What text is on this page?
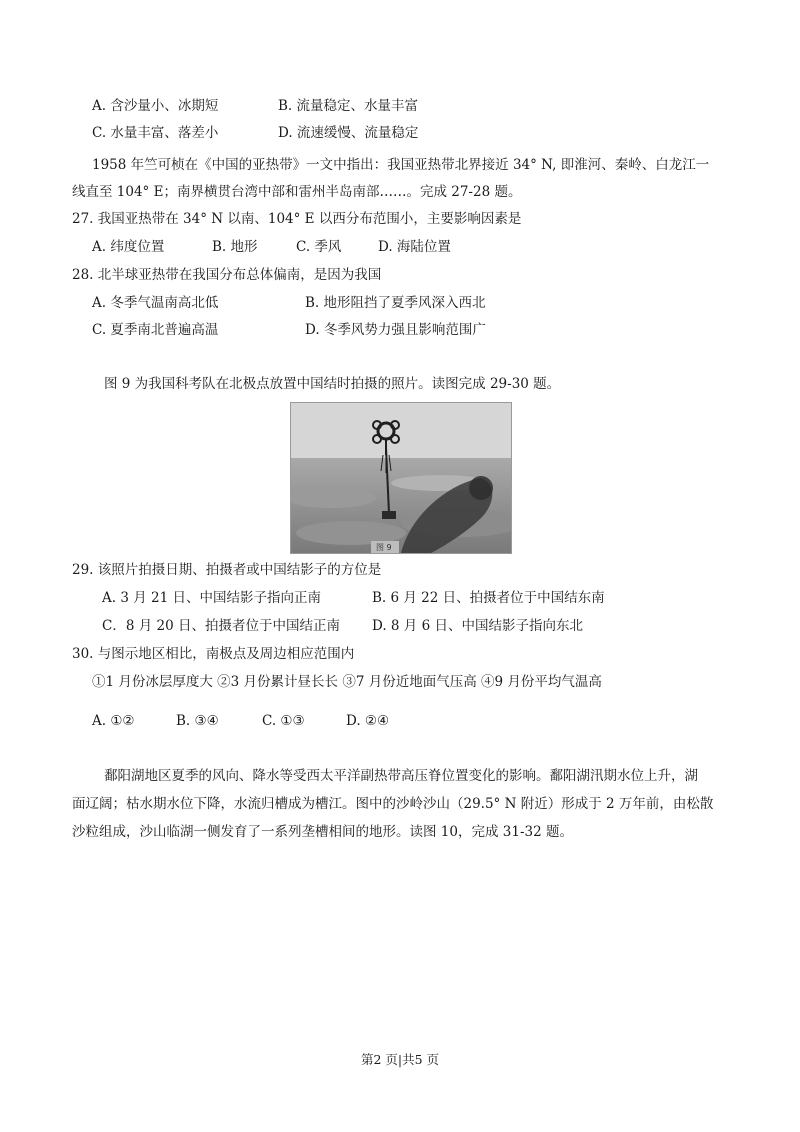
A. 含沙量小、冰期短	B. 流量稳定、水量丰富
C. 水量丰富、落差小	D. 流速缓慢、流量稳定
1958 年竺可桢在《中国的亚热带》一文中指出：我国亚热带北界接近 34° N, 即淮河、秦岭、白龙江一
线直至 104° E；南界横贯台湾中部和雷州半岛南部……。完成 27-28 题。
27. 我国亚热带在 34° N 以南、104° E 以西分布范围小，主要影响因素是
A. 纬度位置	B. 地形	C. 季风	D. 海陆位置
28. 北半球亚热带在我国分布总体偏南，是因为我国
A. 冬季气温南高北低	B. 地形阻挡了夏季风深入西北
C. 夏季南北普遍高温	D. 冬季风势力强且影响范围广
图 9 为我国科考队在北极点放置中国结时拍摄的照片。读图完成 29-30 题。
图 9
29. 该照片拍摄日期、拍摄者或中国结影子的方位是
A. 3 月 21 日、中国结影子指向正南	B. 6 月 22 日、拍摄者位于中国结东南
C．8 月 20 日、拍摄者位于中国结正南 D. 8 月 6 日、中国结影子指向东北
30. 与图示地区相比，南极点及周边相应范围内
①1 月份冰层厚度大 ②3 月份累计昼长长 ③7 月份近地面气压高 ④9 月份平均气温高
A. ①②	B. ③④	C. ①③	D. ②④
鄱阳湖地区夏季的风向、降水等受西太平洋副热带高压脊位置变化的影响。鄱阳湖汛期水位上升，湖
面辽阔；枯水期水位下降，水流归槽成为槽江。图中的沙岭沙山（29.5° N 附近）形成于 2 万年前，由松散
沙粒组成，沙山临湖一侧发育了一系列垄槽相间的地形。读图 10，完成 31-32 题。
第2 页|共5 页
